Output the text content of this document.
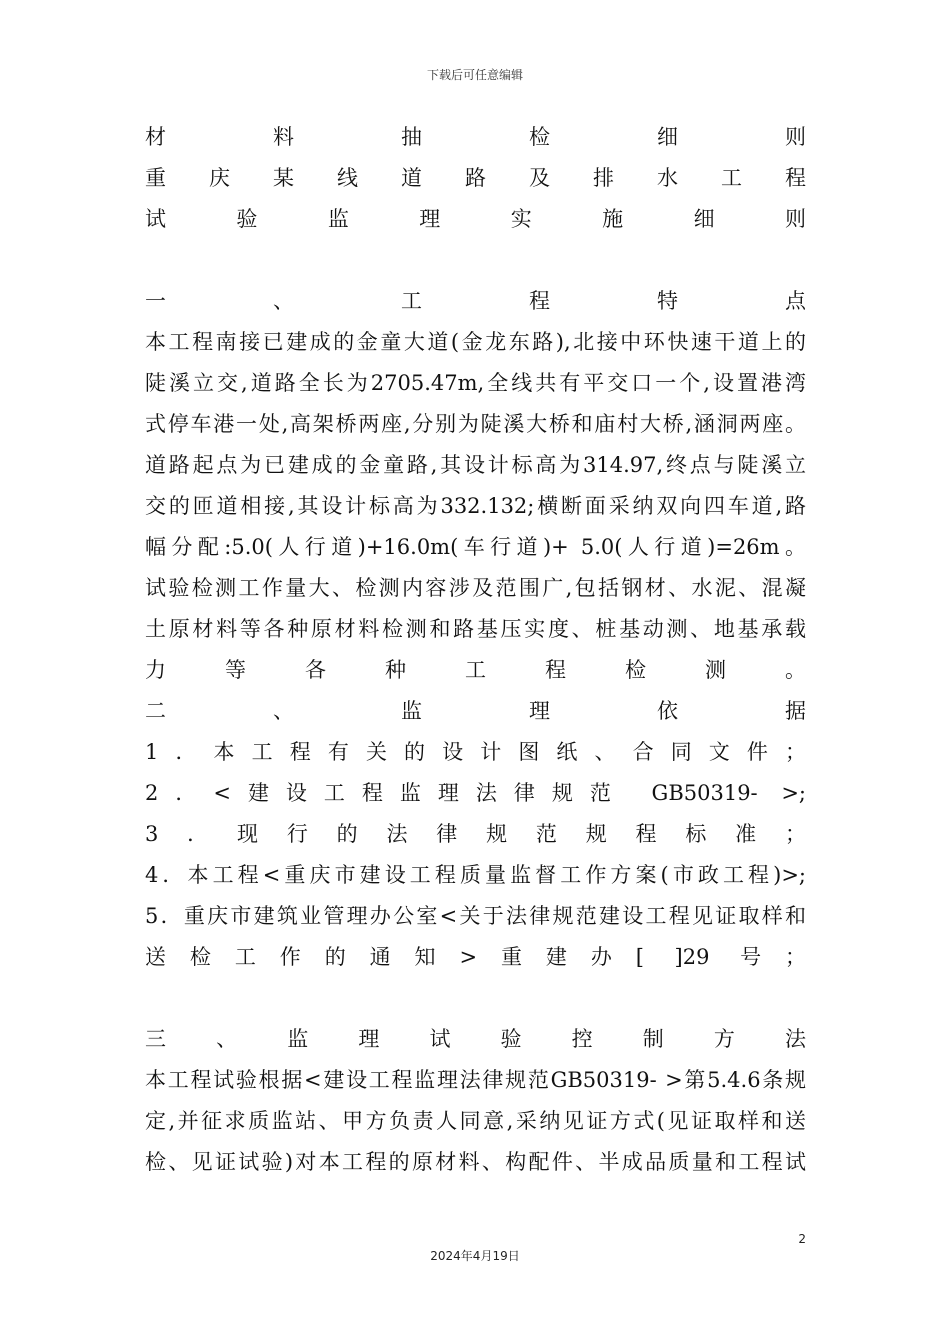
下载后可任意编辑
材料抽检细则
重庆某线道路及排水工程
试验监理实施细则
一、工程特点
本工程南接已建成的金童大道(金龙东路),北接中环快速干道上的
陡溪立交,道路全长为2705.47m,全线共有平交口一个,设置港湾
式停车港一处,高架桥两座,分别为陡溪大桥和庙村大桥,涵洞两座。
道路起点为已建成的金童路,其设计标高为314.97,终点与陡溪立
交的匝道相接,其设计标高为332.132;横断面采纳双向四车道,路
幅分配:5.0(人行道)+16.0m(车行道)+ 5.0(人行道)=26m。
试验检测工作量大、检测内容涉及范围广,包括钢材、水泥、混凝
土原材料等各种原材料检测和路基压实度、桩基动测、地基承载
力等各种工程检测。
二、监理依据
1．本工程有关的设计图纸、合同文件；
2．<建设工程监理法律规范 GB50319- >;
3．现行的法律规范规程标准；
4．本工程<重庆市建设工程质量监督工作方案(市政工程)>;
5．重庆市建筑业管理办公室<关于法律规范建设工程见证取样和
送检工作的通知>重建办[ ]29 号；
三、监理试验控制方法
本工程试验根据<建设工程监理法律规范GB50319- >第5.4.6条规
定,并征求质监站、甲方负责人同意,采纳见证方式(见证取样和送
检、见证试验)对本工程的原材料、构配件、半成品质量和工程试
2
2024年4月19日
